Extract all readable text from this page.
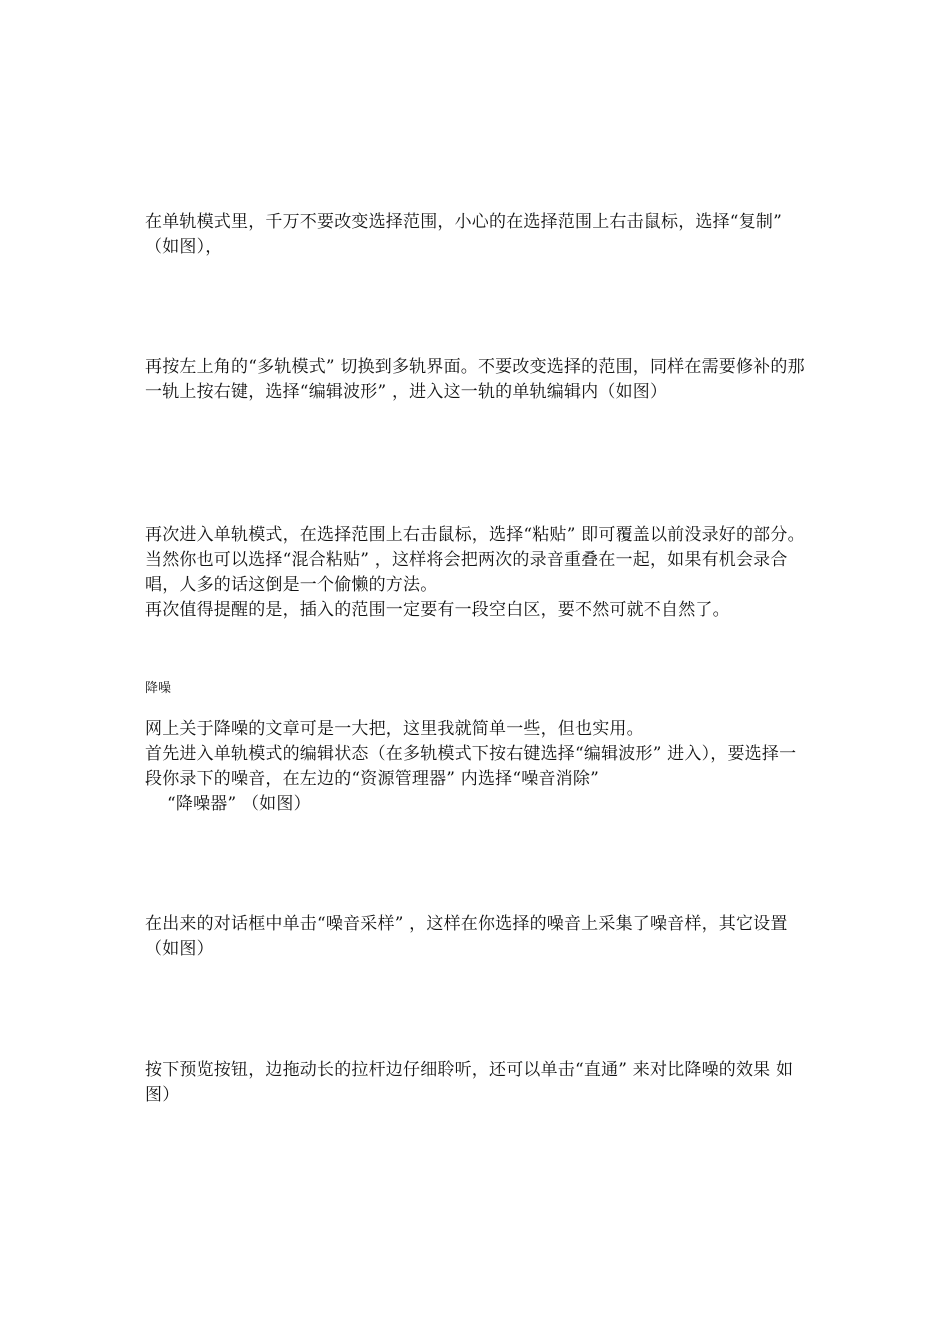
在单轨模式里，千万不要改变选择范围，小心的在选择范围上右击鼠标，选择“复制” （如图），

再按左上角的“多轨模式” 切换到多轨界面。不要改变选择的范围，同样在需要修补的那一轨上按右键，选择“编辑波形” ，进入这一轨的单轨编辑内（如图）

再次进入单轨模式，在选择范围上右击鼠标，选择“粘贴” 即可覆盖以前没录好的部分。当然你也可以选择“混合粘贴” ，这样将会把两次的录音重叠在一起，如果有机会录合唱，人多的话这倒是一个偷懒的方法。

再次值得提醒的是，插入的范围一定要有一段空白区，要不然可就不自然了。

降噪

网上关于降噪的文章可是一大把，这里我就简单一些，但也实用。

首先进入单轨模式的编辑状态（在多轨模式下按右键选择“编辑波形” 进入），要选择一段你录下的噪音，在左边的“资源管理器” 内选择“噪音消除”

“降噪器” （如图）

在出来的对话框中单击“噪音采样” ，这样在你选择的噪音上采集了噪音样，其它设置（如图）

按下预览按钮，边拖动长的拉杆边仔细聆听，还可以单击“直通” 来对比降噪的效果 如图）
